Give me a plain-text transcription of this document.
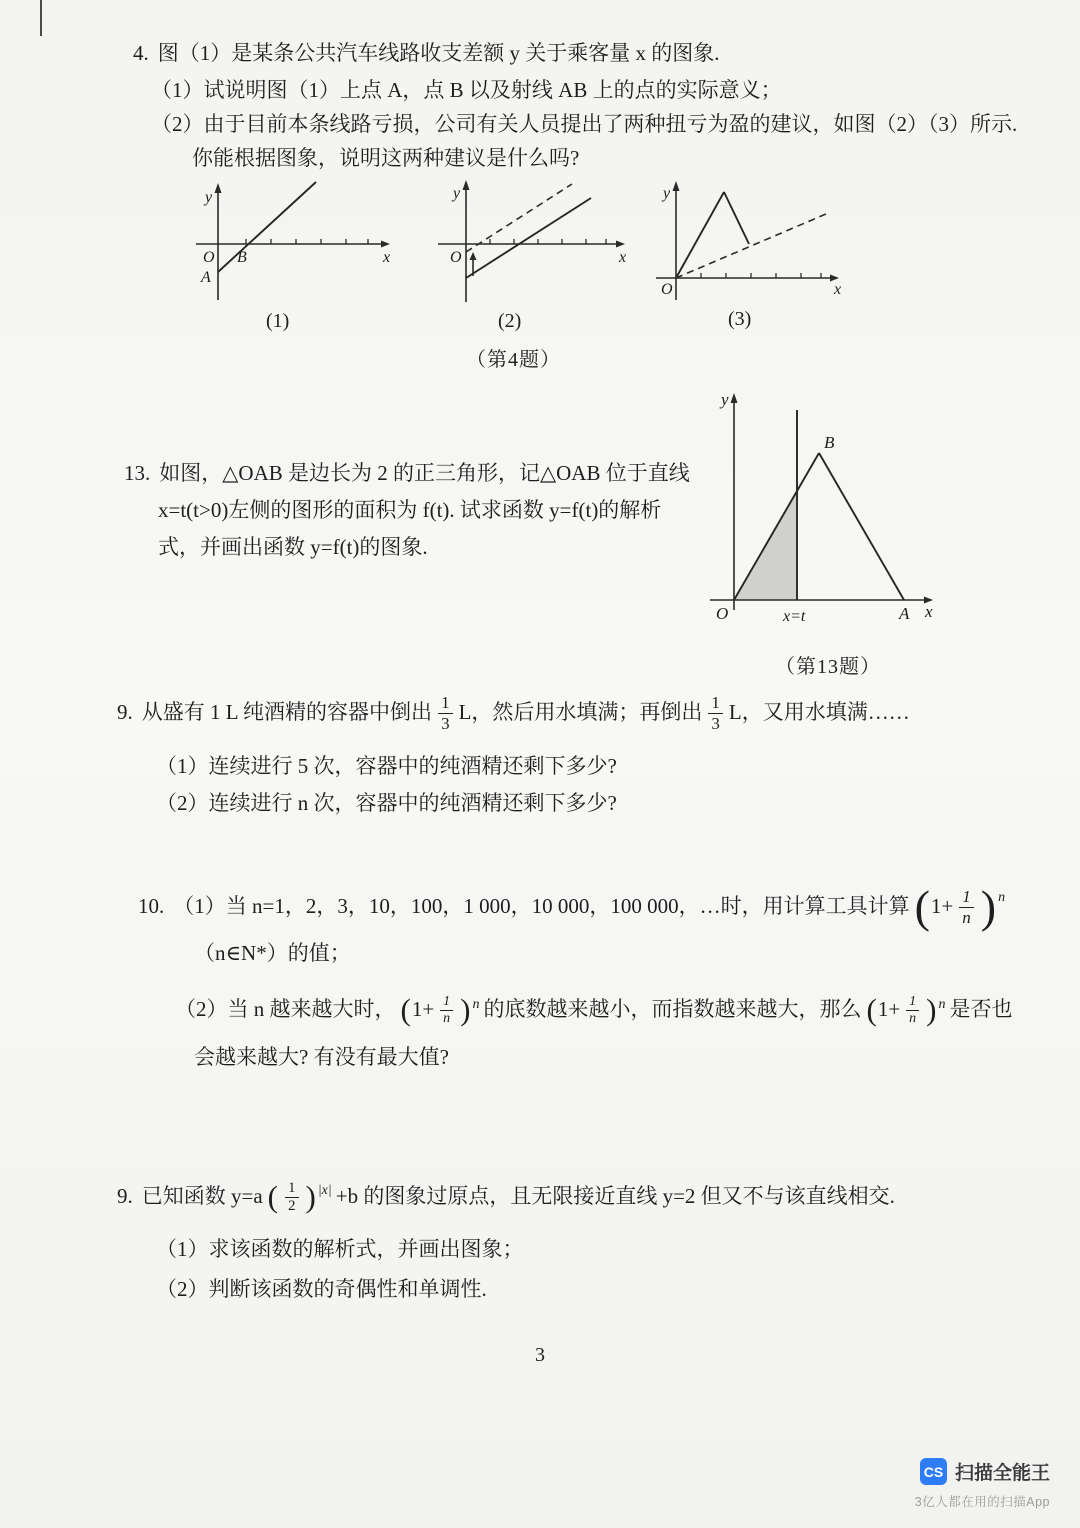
4. 图（1）是某条公共汽车线路收支差额 y 关于乘客量 x 的图象.
（1）试说明图（1）上点 A，点 B 以及射线 AB 上的点的实际意义；
（2）由于目前本条线路亏损，公司有关人员提出了两种扭亏为盈的建议，如图（2）（3）所示.
你能根据图象，说明这两种建议是什么吗?
y
x
O B
A
y
x
O
y
x
O
(1)	(2)	(3)
（第4题）
13. 如图，△OAB 是边长为 2 的正三角形，记△OAB 位于直线
x=t(t>0)左侧的图形的面积为 f(t). 试求函数 y=f(t)的解析
式，并画出函数 y=f(t)的图象.
y
B
x
O	A
x=t
（第13题）
9. 从盛有 1 L 纯酒精的容器中倒出 $\frac{1}{3}$ L，然后用水填满；再倒出 $\frac{1}{3}$ L，又用水填满……
（1）连续进行 5 次，容器中的纯酒精还剩下多少?
（2）连续进行 n 次，容器中的纯酒精还剩下多少?
10. （1）当 n=1，2，3，10，100，1 000，10 000，100 000，…时，用计算工具计算 ( $1+ \frac{1}{n}$ ) n
（n∈N*）的值；
（2）当 n 越来越大时， ( $1+ \frac{1}{n}$ ) n 的底数越来越小，而指数越来越大，那么 ( $1+ \frac{1}{n}$ ) n 是否也
会越来越大? 有没有最大值?
9. 已知函数 y=a ( $\frac{1}{2}$ ) |x| +b 的图象过原点，且无限接近直线 y=2 但又不与该直线相交.
（1）求该函数的解析式，并画出图象；
（2）判断该函数的奇偶性和单调性.
3
CS 扫描全能王
3亿人都在用的扫描App
